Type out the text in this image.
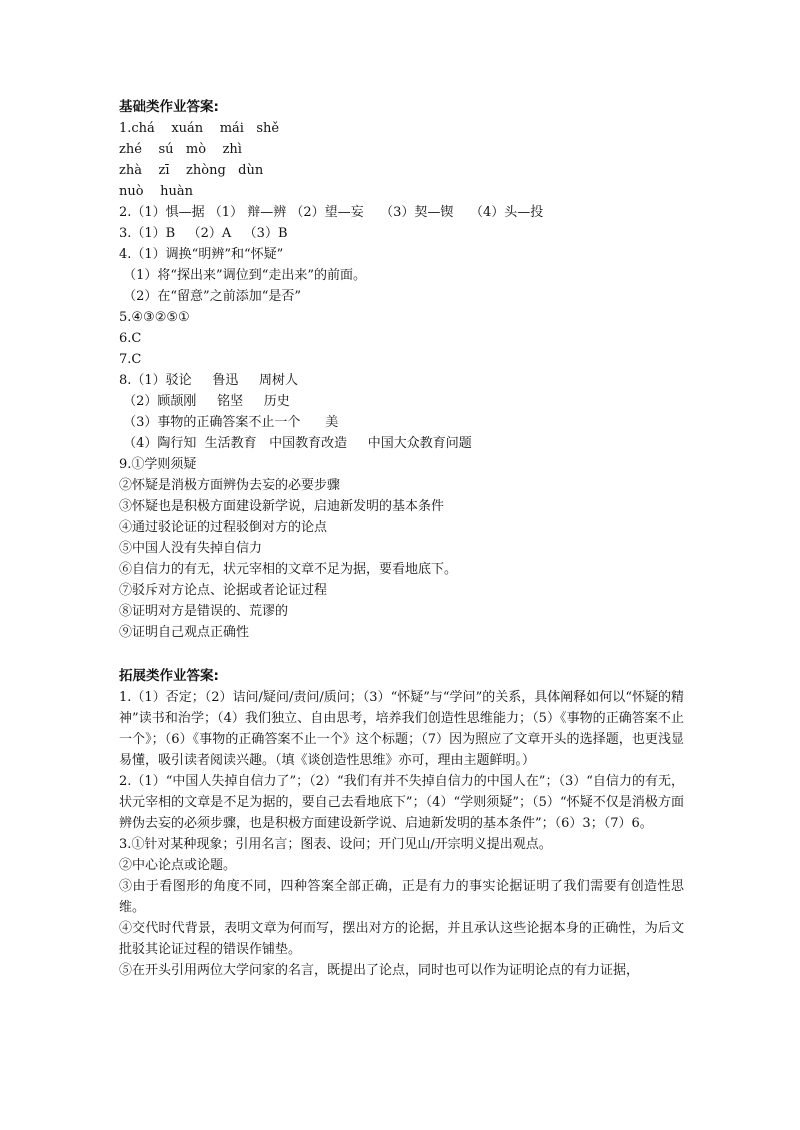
基础类作业答案:
1.chá    xuán    mái   shě
zhé    sú   mò    zhì
zhà    zī    zhòng   dùn
nuò    huàn
2.（1）惧—据 （1） 辩—辨 （2）望—妄    （3）契—锲    （4）头—投
3.（1）B   （2）A   （3）B
4.（1）调换“明辨”和“怀疑”
（1）将“探出来”调位到“走出来”的前面。
（2）在“留意”之前添加“是否”
5.④③②⑤①
6.C
7.C
8.（1）驳论     鲁迅     周树人
（2）顾颉刚     铭坚     历史
（3）事物的正确答案不止一个      美
（4）陶行知  生活教育   中国教育改造     中国大众教育问题
9.①学则须疑
②怀疑是消极方面辨伪去妄的必要步骤
③怀疑也是积极方面建设新学说，启迪新发明的基本条件
④通过驳论证的过程驳倒对方的论点
⑤中国人没有失掉自信力
⑥自信力的有无，状元宰相的文章不足为据，要看地底下。
⑦驳斥对方论点、论据或者论证过程
⑧证明对方是错误的、荒谬的
⑨证明自己观点正确性
拓展类作业答案:

1.（1）否定；（2）诘问/疑问/责问/质问；（3）“怀疑”与“学问”的关系，具体阐释如何以“怀疑的精神”读书和治学；（4）我们独立、自由思考，培养我们创造性思维能力；（5）《事物的正确答案不止一个》；（6）《事物的正确答案不止一个》这个标题；（7）因为照应了文章开头的选择题，也更浅显易懂，吸引读者阅读兴趣。（填《谈创造性思维》亦可，理由主题鲜明。）

2.（1）“中国人失掉自信力了”；（2）“我们有并不失掉自信力的中国人在”；（3）“自信力的有无，状元宰相的文章是不足为据的，要自己去看地底下”；（4）“学则须疑”；（5）“怀疑不仅是消极方面辨伪去妄的必须步骤，也是积极方面建设新学说、启迪新发明的基本条件”；（6）3；（7）6。

3.①针对某种现象；引用名言；图表、设问；开门见山/开宗明义提出观点。

②中心论点或论题。

③由于看图形的角度不同，四种答案全部正确，正是有力的事实论据证明了我们需要有创造性思维。

④交代时代背景，表明文章为何而写，摆出对方的论据，并且承认这些论据本身的正确性，为后文批驳其论证过程的错误作铺垫。

⑤在开头引用两位大学问家的名言，既提出了论点，同时也可以作为证明论点的有力证据，
